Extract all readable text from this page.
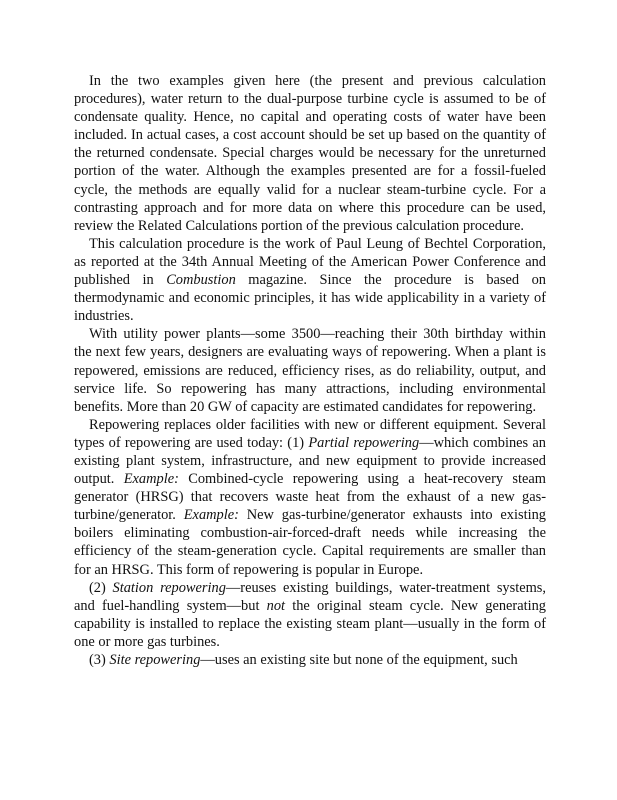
In the two examples given here (the present and previous calculation procedures), water return to the dual-purpose turbine cycle is assumed to be of condensate quality. Hence, no capital and operating costs of water have been included. In actual cases, a cost account should be set up based on the quantity of the returned condensate. Special charges would be necessary for the unreturned portion of the water. Although the examples presented are for a fossil-fueled cycle, the methods are equally valid for a nuclear steam-turbine cycle. For a contrasting approach and for more data on where this procedure can be used, review the Related Calculations portion of the previous calculation procedure.

This calculation procedure is the work of Paul Leung of Bechtel Corporation, as reported at the 34th Annual Meeting of the American Power Conference and published in Combustion magazine. Since the procedure is based on thermodynamic and economic principles, it has wide applicability in a variety of industries.

With utility power plants—some 3500—reaching their 30th birthday within the next few years, designers are evaluating ways of repowering. When a plant is repowered, emissions are reduced, efficiency rises, as do reliability, output, and service life. So repowering has many attractions, including environmental benefits. More than 20 GW of capacity are estimated candidates for repowering.

Repowering replaces older facilities with new or different equipment. Several types of repowering are used today: (1) Partial repowering—which combines an existing plant system, infrastructure, and new equipment to provide increased output. Example: Combined-cycle repowering using a heat-recovery steam generator (HRSG) that recovers waste heat from the exhaust of a new gas-turbine/generator. Example: New gas-turbine/generator exhausts into existing boilers eliminating combustion-air-forced-draft needs while increasing the efficiency of the steam-generation cycle. Capital requirements are smaller than for an HRSG. This form of repowering is popular in Europe.

(2) Station repowering—reuses existing buildings, water-treatment systems, and fuel-handling system—but not the original steam cycle. New generating capability is installed to replace the existing steam plant—usually in the form of one or more gas turbines.

(3) Site repowering—uses an existing site but none of the equipment, such
